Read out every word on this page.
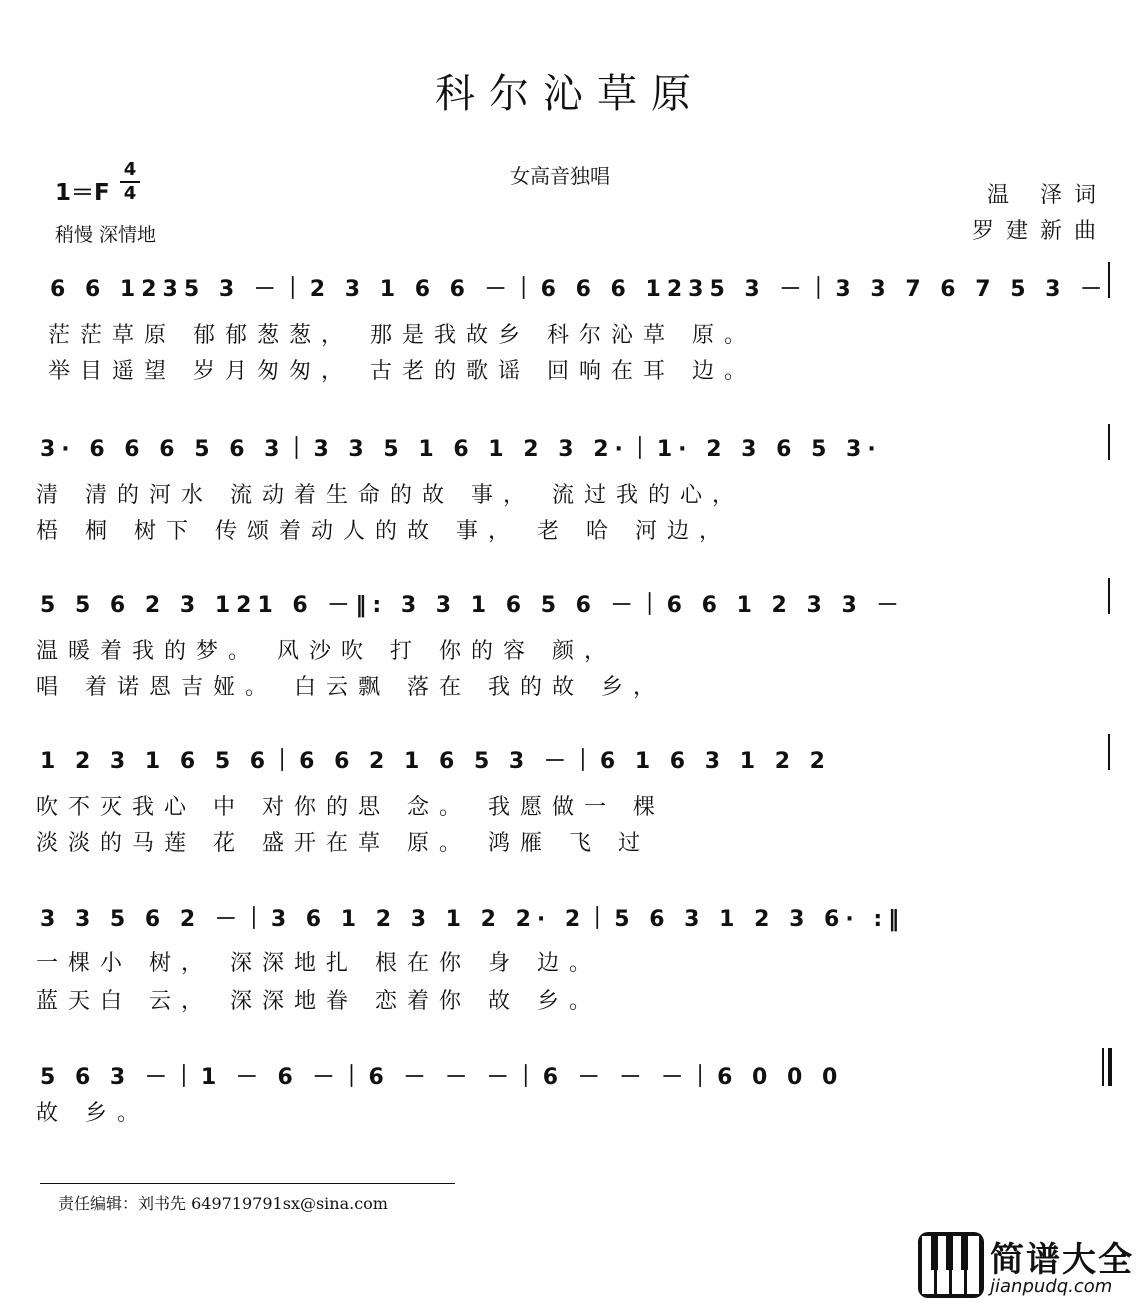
科尔沁草原
女高音独唱
1＝F
4
4
稍慢 深情地
温 泽词
罗建新曲
6 6 1235 3 －｜2 3 1 6 6 －｜6 6 6 1235 3 －｜3 3 7 6 7 5 3 －
茫茫草原 郁郁葱葱， 那是我故乡 科尔沁草 原。
举目遥望 岁月匆匆， 古老的歌谣 回响在耳 边。
3· 6 6 6 5 6 3｜3 3 5 1 6 1 2 3 2·｜1· 2 3 6 5 3·
清 清的河水 流动着生命的故 事， 流过我的心，
梧 桐 树下 传颂着动人的故 事， 老 哈 河边，
5 5 6 2 3 121 6 －‖: 3 3 1 6 5 6 －｜6 6 1 2 3 3 －
温暖着我的梦。 风沙吹 打 你的容 颜，
唱 着诺恩吉娅。 白云飘 落在 我的故 乡，
1 2 3 1 6 5 6｜6 6 2 1 6 5 3 －｜6 1 6 3 1 2 2
吹不灭我心 中 对你的思 念。 我愿做一 棵
淡淡的马莲 花 盛开在草 原。 鸿雁 飞 过
3 3 5 6 2 －｜3 6 1 2 3 1 2 2· 2｜5 6 3 1 2 3 6· :‖
一棵小 树， 深深地扎 根在你 身 边。
蓝天白 云， 深深地眷 恋着你 故 乡。
5 6 3 －｜1 － 6 －｜6 － － －｜6 － － －｜6 0 0 0
故 乡。
责任编辑：刘书先 649719791sx@sina.com
简谱大全
jianpudq.com
